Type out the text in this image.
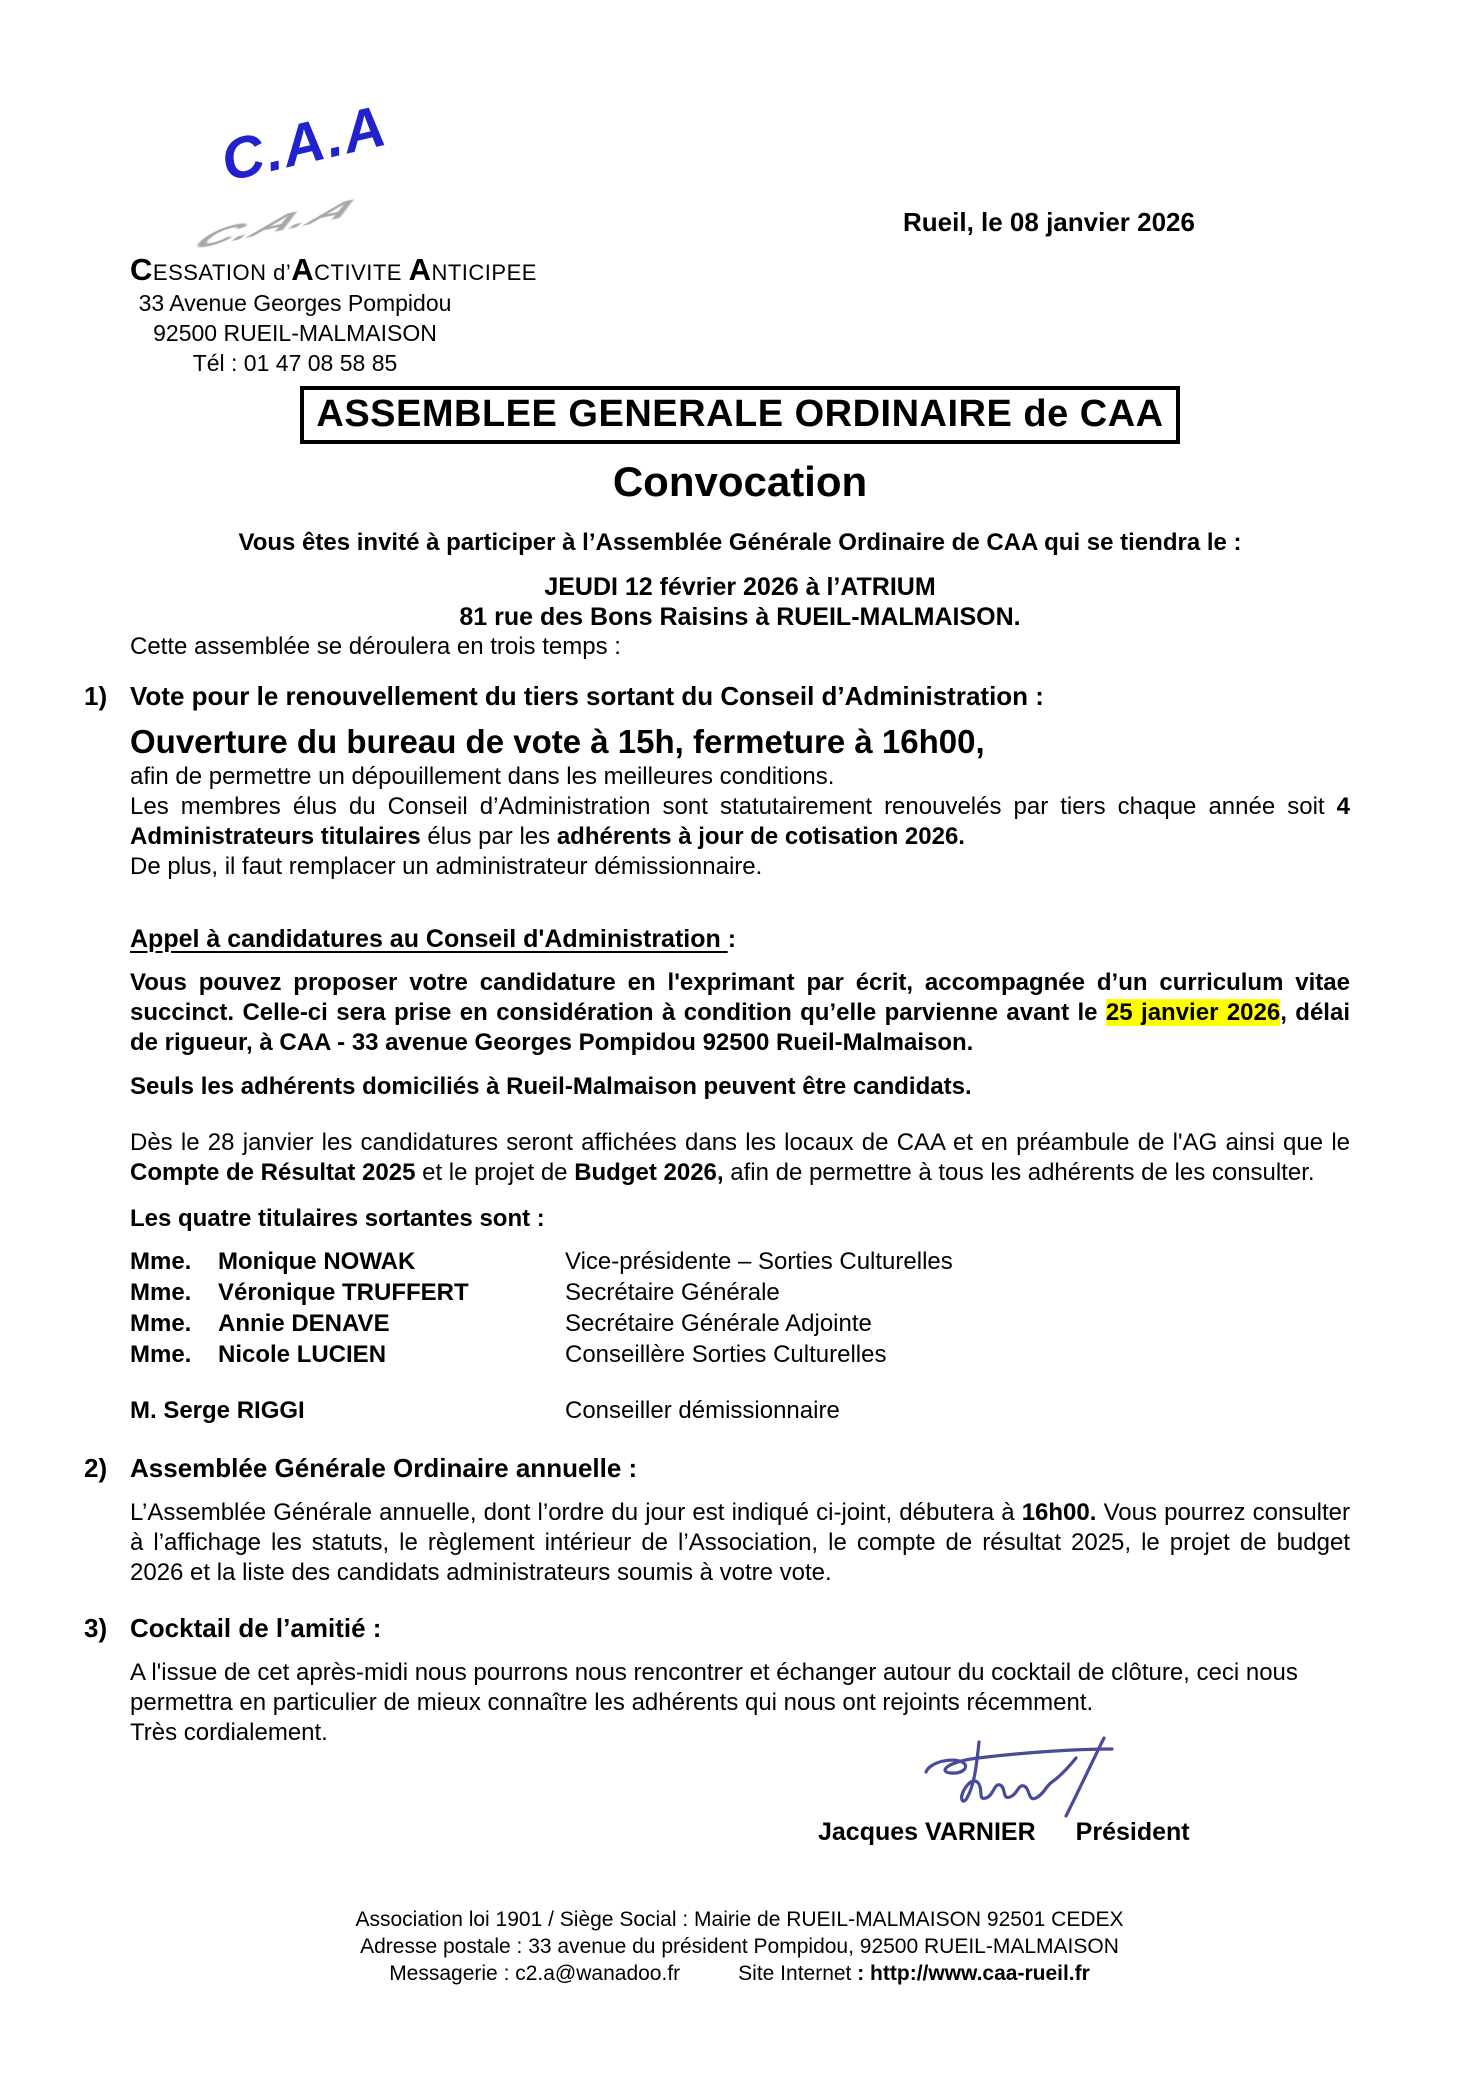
C.A.A
C.A.A
CESSATION d’ACTIVITE ANTICIPEE
33 Avenue Georges Pompidou
92500 RUEIL-MALMAISON
Tél : 01 47 08 58 85
Rueil, le 08 janvier 2026
ASSEMBLEE GENERALE ORDINAIRE de CAA
Convocation
Vous êtes invité à participer à l’Assemblée Générale Ordinaire de CAA qui se tiendra le :
JEUDI 12 février 2026 à l’ATRIUM
81 rue des Bons Raisins à RUEIL-MALMAISON.
Cette assemblée se déroulera en trois temps :
1) Vote pour le renouvellement du tiers sortant du Conseil d’Administration :
Ouverture du bureau de vote à 15h, fermeture à 16h00,
afin de permettre un dépouillement dans les meilleures conditions.
Les membres élus du Conseil d’Administration sont statutairement renouvelés par tiers chaque année soit 4 Administrateurs titulaires élus par les adhérents à jour de cotisation 2026.
De plus, il faut remplacer un administrateur démissionnaire.
Appel à candidatures au Conseil d'Administration :
Vous pouvez proposer votre candidature en l'exprimant par écrit, accompagnée d’un curriculum vitae succinct. Celle-ci sera prise en considération à condition qu’elle parvienne avant le 25 janvier 2026, délai de rigueur, à CAA - 33 avenue Georges Pompidou 92500 Rueil-Malmaison.
Seuls les adhérents domiciliés à Rueil-Malmaison peuvent être candidats.
Dès le 28 janvier les candidatures seront affichées dans les locaux de CAA et en préambule de l'AG ainsi que le Compte de Résultat 2025 et le projet de Budget 2026, afin de permettre à tous les adhérents de les consulter.
Les quatre titulaires sortantes sont :
Mme.	Monique NOWAK	Vice-présidente – Sorties Culturelles
Mme.	Véronique TRUFFERT	Secrétaire Générale
Mme.	Annie DENAVE	Secrétaire Générale Adjointe
Mme.	Nicole LUCIEN	Conseillère Sorties Culturelles
M. Serge RIGGI	Conseiller démissionnaire
2) Assemblée Générale Ordinaire annuelle :
L’Assemblée Générale annuelle, dont l’ordre du jour est indiqué ci-joint, débutera à 16h00. Vous pourrez consulter à l’affichage les statuts, le règlement intérieur de l’Association, le compte de résultat 2025, le projet de budget 2026 et la liste des candidats administrateurs soumis à votre vote.
3) Cocktail de l’amitié :
A l'issue de cet après-midi nous pourrons nous rencontrer et échanger autour du cocktail de clôture, ceci nous permettra en particulier de mieux connaître les adhérents qui nous ont rejoints récemment.
Très cordialement.
Jacques VARNIER Président
Association loi 1901 / Siège Social : Mairie de RUEIL-MALMAISON 92501 CEDEX
Adresse postale : 33 avenue du président Pompidou, 92500 RUEIL-MALMAISON
Messagerie : c2.a@wanadoo.fr	Site Internet : http://www.caa-rueil.fr
